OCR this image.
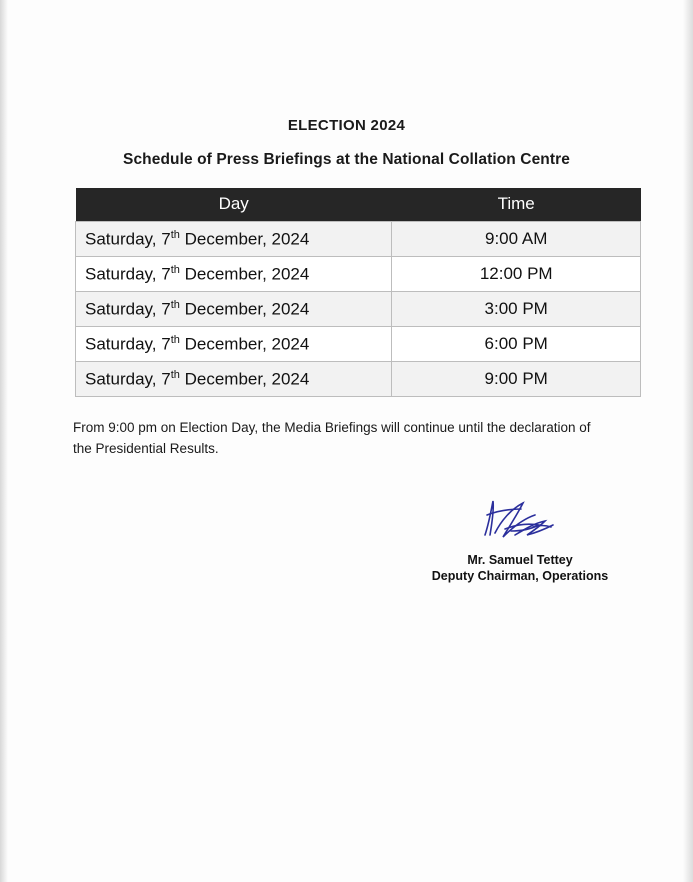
ELECTION 2024
Schedule of Press Briefings at the National Collation Centre
Day	Time
Saturday, 7th December, 2024	9:00 AM
Saturday, 7th December, 2024	12:00 PM
Saturday, 7th December, 2024	3:00 PM
Saturday, 7th December, 2024	6:00 PM
Saturday, 7th December, 2024	9:00 PM
From 9:00 pm on Election Day, the Media Briefings will continue until the declaration of the Presidential Results.
Mr. Samuel Tettey
Deputy Chairman, Operations
